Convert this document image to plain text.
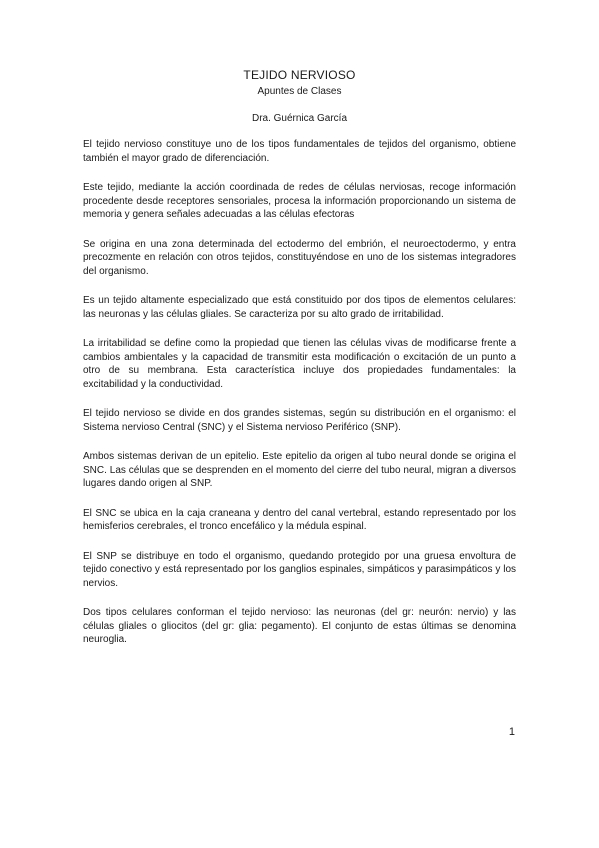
TEJIDO NERVIOSO

Apuntes de Clases

Dra. Guérnica García

El tejido nervioso constituye uno de los tipos fundamentales de tejidos del organismo, obtiene también el mayor grado de diferenciación.

Este tejido, mediante la acción coordinada de redes de células nerviosas, recoge información procedente desde receptores sensoriales, procesa la información proporcionando un sistema de memoria y genera señales adecuadas a las células efectoras

Se origina en una zona determinada del ectodermo del embrión, el neuroectodermo, y entra precozmente en relación con otros tejidos, constituyéndose en uno de los sistemas integradores del organismo.

Es un tejido altamente especializado que está constituido por dos tipos de elementos celulares: las neuronas y las células gliales. Se caracteriza por su alto grado de irritabilidad.

La irritabilidad se define como la propiedad que tienen las células vivas de modificarse frente a cambios ambientales y la capacidad de transmitir esta modificación o excitación de un punto a otro de su membrana. Esta característica incluye dos propiedades fundamentales: la excitabilidad y la conductividad.

El tejido nervioso se divide en dos grandes sistemas, según su distribución en el organismo: el Sistema nervioso Central (SNC) y el Sistema nervioso Periférico (SNP).

Ambos sistemas derivan de un epitelio. Este epitelio da origen al tubo neural donde se origina el SNC. Las células que se desprenden en el momento del cierre del tubo neural, migran a diversos lugares dando origen al SNP.

El SNC se ubica en la caja craneana y dentro del canal vertebral, estando representado por los hemisferios cerebrales, el tronco encefálico y la médula espinal.

El SNP se distribuye en todo el organismo, quedando protegido por una gruesa envoltura de tejido conectivo y está representado por los ganglios espinales, simpáticos y parasimpáticos y los nervios.

Dos tipos celulares conforman el tejido nervioso: las neuronas (del gr: neurón: nervio) y las células gliales o gliocitos (del gr: glia: pegamento). El conjunto de estas últimas se denomina neuroglia.

1
